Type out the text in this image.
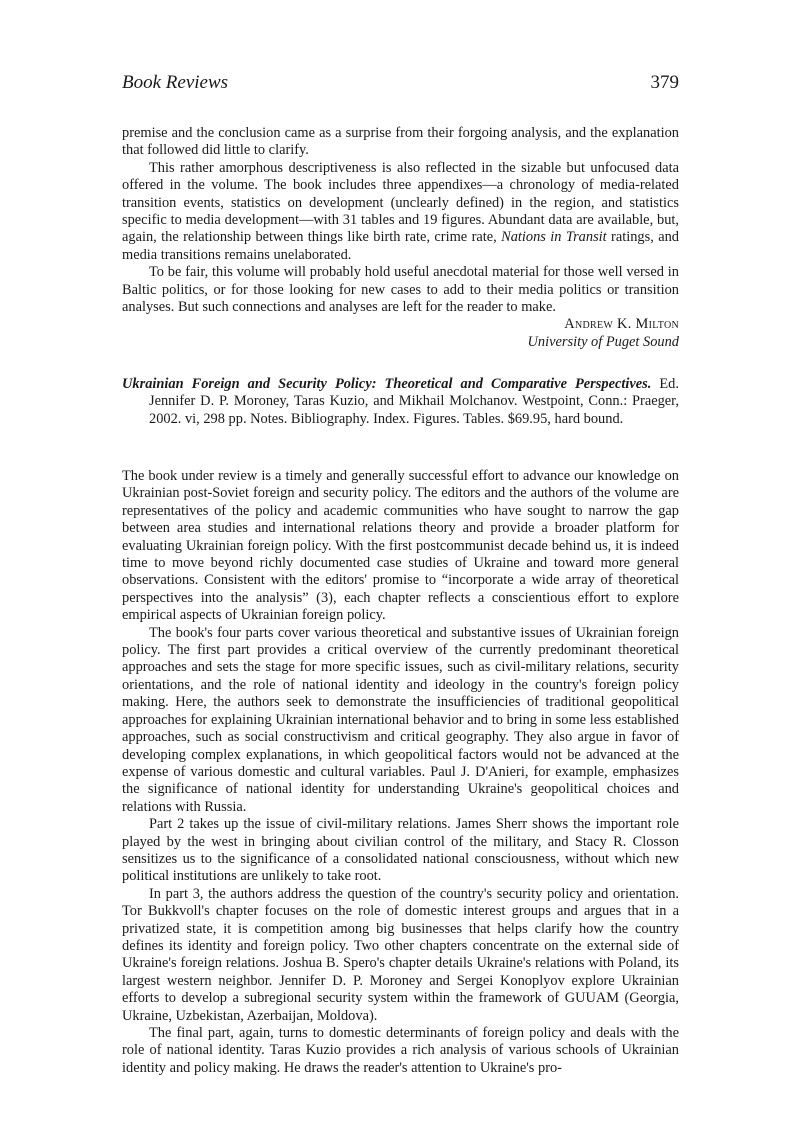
Book Reviews	379

premise and the conclusion came as a surprise from their forgoing analysis, and the explanation that followed did little to clarify.

This rather amorphous descriptiveness is also reflected in the sizable but unfocused data offered in the volume. The book includes three appendixes—a chronology of media-related transition events, statistics on development (unclearly defined) in the region, and statistics specific to media development—with 31 tables and 19 figures. Abundant data are available, but, again, the relationship between things like birth rate, crime rate, Nations in Transit ratings, and media transitions remains unelaborated.

To be fair, this volume will probably hold useful anecdotal material for those well versed in Baltic politics, or for those looking for new cases to add to their media politics or transition analyses. But such connections and analyses are left for the reader to make.

Andrew K. Milton
University of Puget Sound
Ukrainian Foreign and Security Policy: Theoretical and Comparative Perspectives. Ed. Jennifer D. P. Moroney, Taras Kuzio, and Mikhail Molchanov. Westpoint, Conn.: Praeger, 2002. vi, 298 pp. Notes. Bibliography. Index. Figures. Tables. $69.95, hard bound.

The book under review is a timely and generally successful effort to advance our knowledge on Ukrainian post-Soviet foreign and security policy. The editors and the authors of the volume are representatives of the policy and academic communities who have sought to narrow the gap between area studies and international relations theory and provide a broader platform for evaluating Ukrainian foreign policy. With the first postcommunist decade behind us, it is indeed time to move beyond richly documented case studies of Ukraine and toward more general observations. Consistent with the editors' promise to “incorporate a wide array of theoretical perspectives into the analysis” (3), each chapter reflects a conscientious effort to explore empirical aspects of Ukrainian foreign policy.

The book's four parts cover various theoretical and substantive issues of Ukrainian foreign policy. The first part provides a critical overview of the currently predominant theoretical approaches and sets the stage for more specific issues, such as civil-military relations, security orientations, and the role of national identity and ideology in the country's foreign policy making. Here, the authors seek to demonstrate the insufficiencies of traditional geopolitical approaches for explaining Ukrainian international behavior and to bring in some less established approaches, such as social constructivism and critical geography. They also argue in favor of developing complex explanations, in which geopolitical factors would not be advanced at the expense of various domestic and cultural variables. Paul J. D'Anieri, for example, emphasizes the significance of national identity for understanding Ukraine's geopolitical choices and relations with Russia.

Part 2 takes up the issue of civil-military relations. James Sherr shows the important role played by the west in bringing about civilian control of the military, and Stacy R. Closson sensitizes us to the significance of a consolidated national consciousness, without which new political institutions are unlikely to take root.

In part 3, the authors address the question of the country's security policy and orientation. Tor Bukkvoll's chapter focuses on the role of domestic interest groups and argues that in a privatized state, it is competition among big businesses that helps clarify how the country defines its identity and foreign policy. Two other chapters concentrate on the external side of Ukraine's foreign relations. Joshua B. Spero's chapter details Ukraine's relations with Poland, its largest western neighbor. Jennifer D. P. Moroney and Sergei Konoplyov explore Ukrainian efforts to develop a subregional security system within the framework of GUUAM (Georgia, Ukraine, Uzbekistan, Azerbaijan, Moldova).

The final part, again, turns to domestic determinants of foreign policy and deals with the role of national identity. Taras Kuzio provides a rich analysis of various schools of Ukrainian identity and policy making. He draws the reader's attention to Ukraine's pro-
